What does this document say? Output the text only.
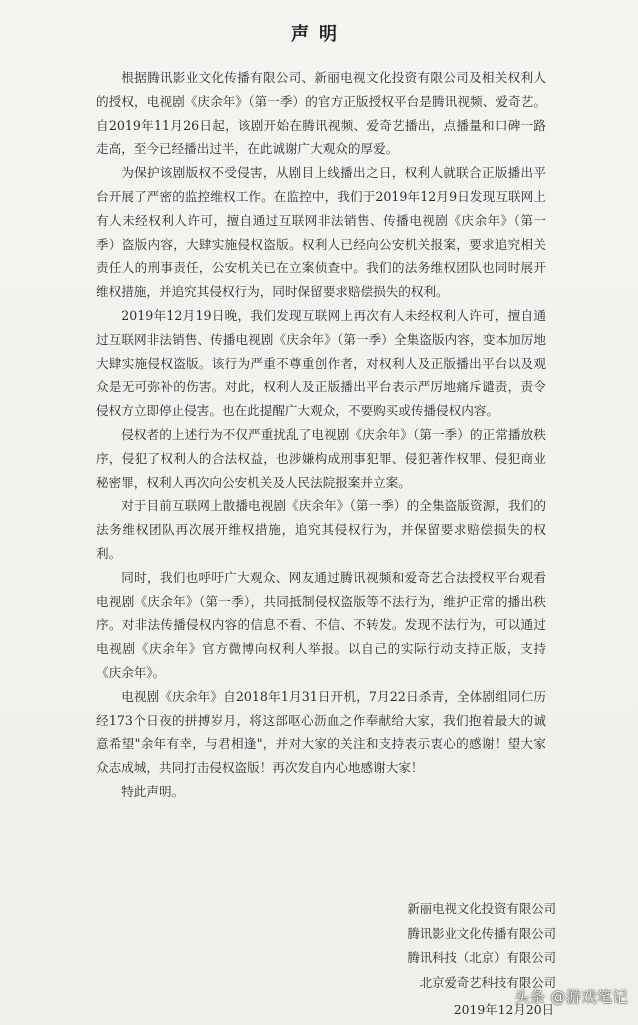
声明

根据腾讯影业文化传播有限公司、新丽电视文化投资有限公司及相关权利人的授权，电视剧《庆余年》（第一季）的官方正版授权平台是腾讯视频、爱奇艺。自2019年11月26日起，该剧开始在腾讯视频、爱奇艺播出，点播量和口碑一路走高，至今已经播出过半，在此诚谢广大观众的厚爱。

为保护该剧版权不受侵害，从剧目上线播出之日，权利人就联合正版播出平台开展了严密的监控维权工作。在监控中，我们于2019年12月9日发现互联网上有人未经权利人许可，擅自通过互联网非法销售、传播电视剧《庆余年》（第一季）盗版内容，大肆实施侵权盗版。权利人已经向公安机关报案，要求追究相关责任人的刑事责任，公安机关已在立案侦查中。我们的法务维权团队也同时展开维权措施，并追究其侵权行为，同时保留要求赔偿损失的权利。

2019年12月19日晚，我们发现互联网上再次有人未经权利人许可，擅自通过互联网非法销售、传播电视剧《庆余年》（第一季）全集盗版内容，变本加厉地大肆实施侵权盗版。该行为严重不尊重创作者，对权利人及正版播出平台以及观众是无可弥补的伤害。对此，权利人及正版播出平台表示严厉地痛斥谴责，责令侵权方立即停止侵害。也在此提醒广大观众，不要购买或传播侵权内容。

侵权者的上述行为不仅严重扰乱了电视剧《庆余年》（第一季）的正常播放秩序，侵犯了权利人的合法权益，也涉嫌构成刑事犯罪、侵犯著作权罪、侵犯商业秘密罪，权利人再次向公安机关及人民法院报案并立案。

对于目前互联网上散播电视剧《庆余年》（第一季）的全集盗版资源，我们的法务维权团队再次展开维权措施，追究其侵权行为，并保留要求赔偿损失的权利。

同时，我们也呼吁广大观众、网友通过腾讯视频和爱奇艺合法授权平台观看电视剧《庆余年》（第一季），共同抵制侵权盗版等不法行为，维护正常的播出秩序。对非法传播侵权内容的信息不看、不信、不转发。发现不法行为，可以通过电视剧《庆余年》官方微博向权利人举报。以自己的实际行动支持正版，支持《庆余年》。

电视剧《庆余年》自2018年1月31日开机，7月22日杀青，全体剧组同仁历经173个日夜的拼搏岁月，将这部呕心沥血之作奉献给大家，我们抱着最大的诚意希望"余年有幸，与君相逢"，并对大家的关注和支持表示衷心的感谢！望大家众志成城，共同打击侵权盗版！再次发自内心地感谢大家！

特此声明。

新丽电视文化投资有限公司
腾讯影业文化传播有限公司
腾讯科技（北京）有限公司
北京爱奇艺科技有限公司
2019年12月20日
头条 @游戏笔记
